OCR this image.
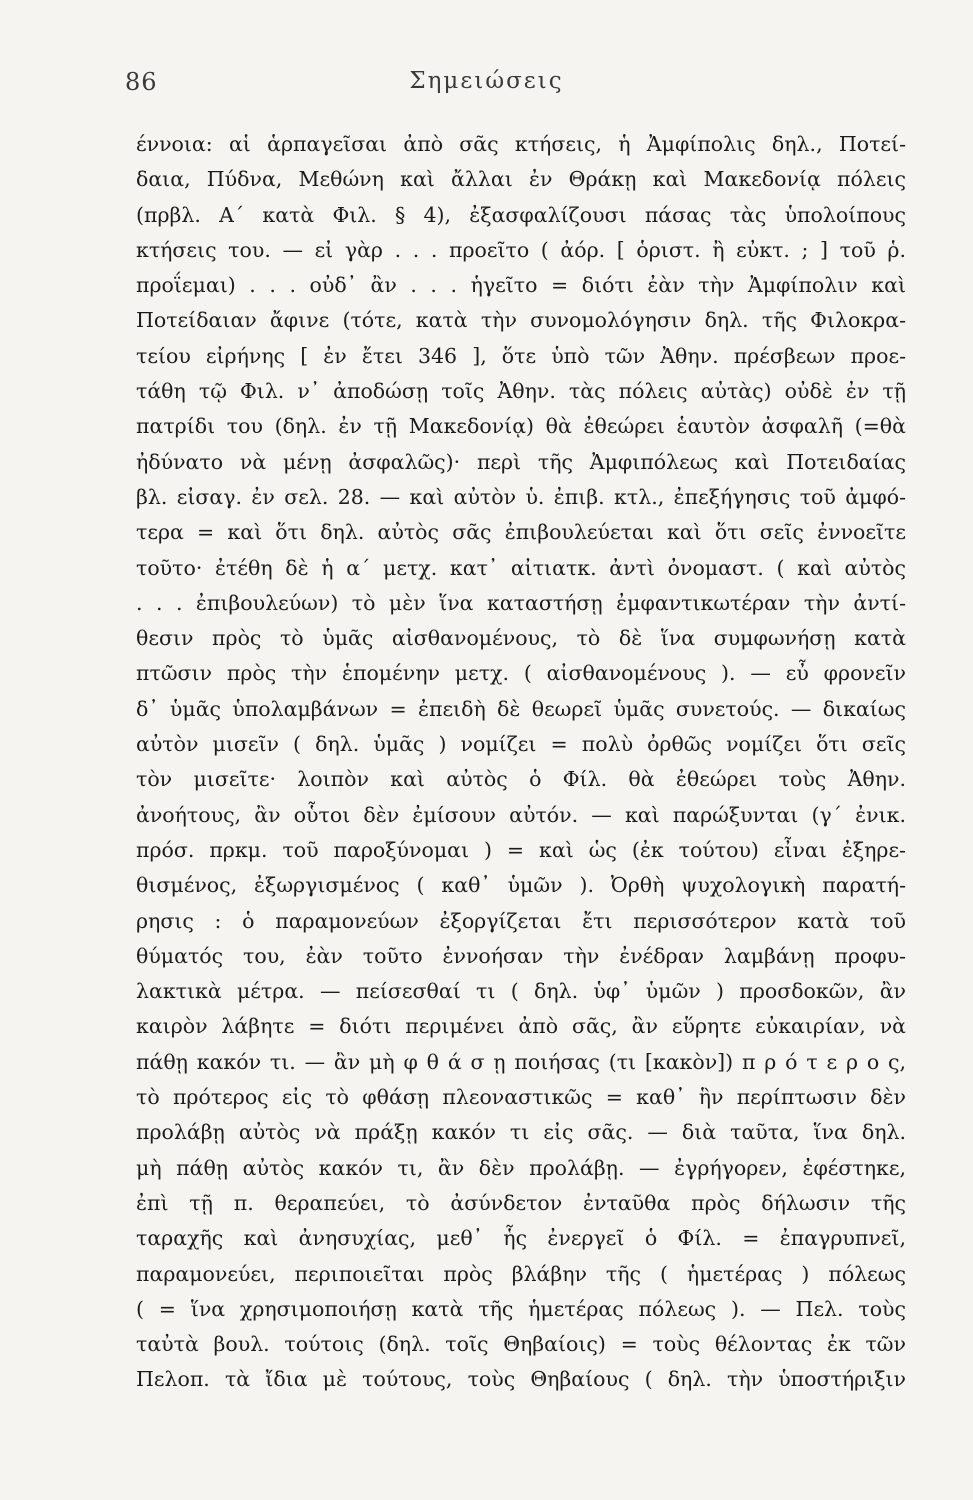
86	Σημειώσεις
έννοια: αἱ ἁρπαγεῖσαι ἀπὸ σᾶς κτήσεις, ἡ Ἀμφίπολις δηλ., Ποτεί-
δαια, Πύδνα, Μεθώνη καὶ ἄλλαι ἐν Θράκῃ καὶ Μακεδονίᾳ πόλεις
(πρβλ. Α΄ κατὰ Φιλ. § 4), ἐξασφαλίζουσι πάσας τὰς ὑπολοίπους
κτήσεις του. — εἰ γὰρ . . . προεῖτο ( ἀόρ. [ ὁριστ. ἢ εὐκτ. ; ] τοῦ ῥ.
προΐεμαι) . . . οὐδ᾿ ἂν . . . ἡγεῖτο = διότι ἐὰν τὴν Ἀμφίπολιν καὶ
Ποτείδαιαν ἄφινε (τότε, κατὰ τὴν συνομολόγησιν δηλ. τῆς Φιλοκρα-
τείου εἰρήνης [ ἐν ἔτει 346 ], ὅτε ὑπὸ τῶν Ἀθην. πρέσβεων προε-
τάθη τῷ Φιλ. ν᾿ ἀποδώσῃ τοῖς Ἀθην. τὰς πόλεις αὐτὰς) οὐδὲ ἐν τῇ
πατρίδι του (δηλ. ἐν τῇ Μακεδονίᾳ) θὰ ἐθεώρει ἑαυτὸν ἀσφαλῆ (=θὰ
ἠδύνατο νὰ μένῃ ἀσφαλῶς)· περὶ τῆς Ἀμφιπόλεως καὶ Ποτειδαίας
βλ. εἰσαγ. ἐν σελ. 28. — καὶ αὐτὸν ὑ. ἐπιβ. κτλ., ἐπεξήγησις τοῦ ἀμφό-
τερα = καὶ ὅτι δηλ. αὐτὸς σᾶς ἐπιβουλεύεται καὶ ὅτι σεῖς ἐννοεῖτε
τοῦτο· ἐτέθη δὲ ἡ α΄ μετχ. κατ᾿ αἰτιατκ. ἀντὶ ὀνομαστ. ( καὶ αὐτὸς
. . . ἐπιβουλεύων) τὸ μὲν ἵνα καταστήσῃ ἐμφαντικωτέραν τὴν ἀντί-
θεσιν πρὸς τὸ ὑμᾶς αἰσθανομένους, τὸ δὲ ἵνα συμφωνήσῃ κατὰ
πτῶσιν πρὸς τὴν ἑπομένην μετχ. ( αἰσθανομένους ). — εὖ φρονεῖν
δ᾿ ὑμᾶς ὑπολαμβάνων = ἐπειδὴ δὲ θεωρεῖ ὑμᾶς συνετούς. — δικαίως
αὐτὸν μισεῖν ( δηλ. ὑμᾶς ) νομίζει = πολὺ ὀρθῶς νομίζει ὅτι σεῖς
τὸν μισεῖτε· λοιπὸν καὶ αὐτὸς ὁ Φίλ. θὰ ἐθεώρει τοὺς Ἀθην.
ἀνοήτους, ἂν οὗτοι δὲν ἐμίσουν αὐτόν. — καὶ παρώξυνται (γ΄ ἐνικ.
πρόσ. πρκμ. τοῦ παροξύνομαι ) = καὶ ὡς (ἐκ τούτου) εἶναι ἐξηρε-
θισμένος, ἐξωργισμένος ( καθ᾿ ὑμῶν ). Ὀρθὴ ψυχολογικὴ παρατή-
ρησις : ὁ παραμονεύων ἐξοργίζεται ἔτι περισσότερον κατὰ τοῦ
θύματός του, ἐὰν τοῦτο ἐννοήσαν τὴν ἐνέδραν λαμβάνῃ προφυ-
λακτικὰ μέτρα. — πείσεσθαί τι ( δηλ. ὑφ᾿ ὑμῶν ) προσδοκῶν, ἂν
καιρὸν λάβητε = διότι περιμένει ἀπὸ σᾶς, ἂν εὕρητε εὐκαιρίαν, νὰ
πάθῃ κακόν τι. — ἂν μὴ φ θ ά σ ῃ ποιήσας (τι [κακὸν]) π ρ ό τ ε ρ ο ς,
τὸ πρότερος εἰς τὸ φθάσῃ πλεοναστικῶς = καθ᾿ ἣν περίπτωσιν δὲν
προλάβῃ αὐτὸς νὰ πράξῃ κακόν τι εἰς σᾶς. — διὰ ταῦτα, ἵνα δηλ.
μὴ πάθῃ αὐτὸς κακόν τι, ἂν δὲν προλάβῃ. — ἐγρήγορεν, ἐφέστηκε,
ἐπὶ τῇ π. θεραπεύει, τὸ ἀσύνδετον ἐνταῦθα πρὸς δήλωσιν τῆς
ταραχῆς καὶ ἀνησυχίας, μεθ᾿ ἧς ἐνεργεῖ ὁ Φίλ. = ἐπαγρυπνεῖ,
παραμονεύει, περιποιεῖται πρὸς βλάβην τῆς ( ἡμετέρας ) πόλεως
( = ἵνα χρησιμοποιήσῃ κατὰ τῆς ἡμετέρας πόλεως ). — Πελ. τοὺς
ταὐτὰ βουλ. τούτοις (δηλ. τοῖς Θηβαίοις) = τοὺς θέλοντας ἐκ τῶν
Πελοπ. τὰ ἴδια μὲ τούτους, τοὺς Θηβαίους ( δηλ. τὴν ὑποστήριξιν
